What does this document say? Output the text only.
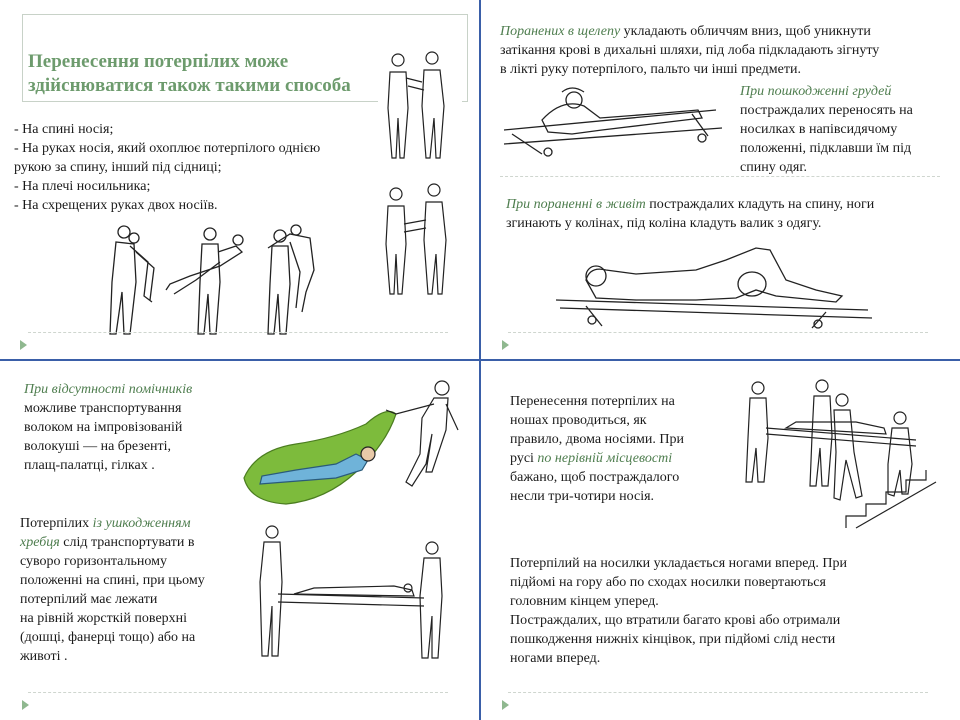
Перенесення потерпілих може
здійснюватися також такими способа
- На спині носія;
- На руках носія, який охоплює потерпілого однією
рукою за спину, інший під сідниці;
- На плечі носильника;
- На схрещених руках двох носіїв.
Поранених в щелепу укладають обличчям вниз, щоб уникнути
затікання крові в дихальні шляхи, під лоба підкладають зігнуту
в лікті руку потерпілого, пальто чи інші предмети.
При пошкодженні грудей
постраждалих переносять на
носилках в напівсидячому
положенні, підклавши їм під
спину одяг.
При пораненні в живіт постраждалих кладуть на спину, ноги
згинають у колінах, під коліна кладуть валик з одягу.
При відсутності помічників
можливе транспортування
волоком на імпровізованій
волокуші — на брезенті,
плащ-палатці, гілках .
Потерпілих із ушкодженням
хребця слід транспортувати в
суворо горизонтальному
положенні на спині, при цьому
потерпілий має лежати
на рівній жорсткій поверхні
(дошці, фанерці тощо) або на
животі .
Перенесення потерпілих на
ношах проводиться, як
правило, двома носіями. При
русі по нерівній місцевості
бажано, щоб постраждалого
несли три-чотири носія.
Потерпілий на носилки укладається ногами вперед. При
підйомі на гору або по сходах носилки повертаються
головним кінцем уперед.
Постраждалих, що втратили багато крові або отримали
пошкодження нижніх кінцівок, при підйомі слід нести
ногами вперед.
